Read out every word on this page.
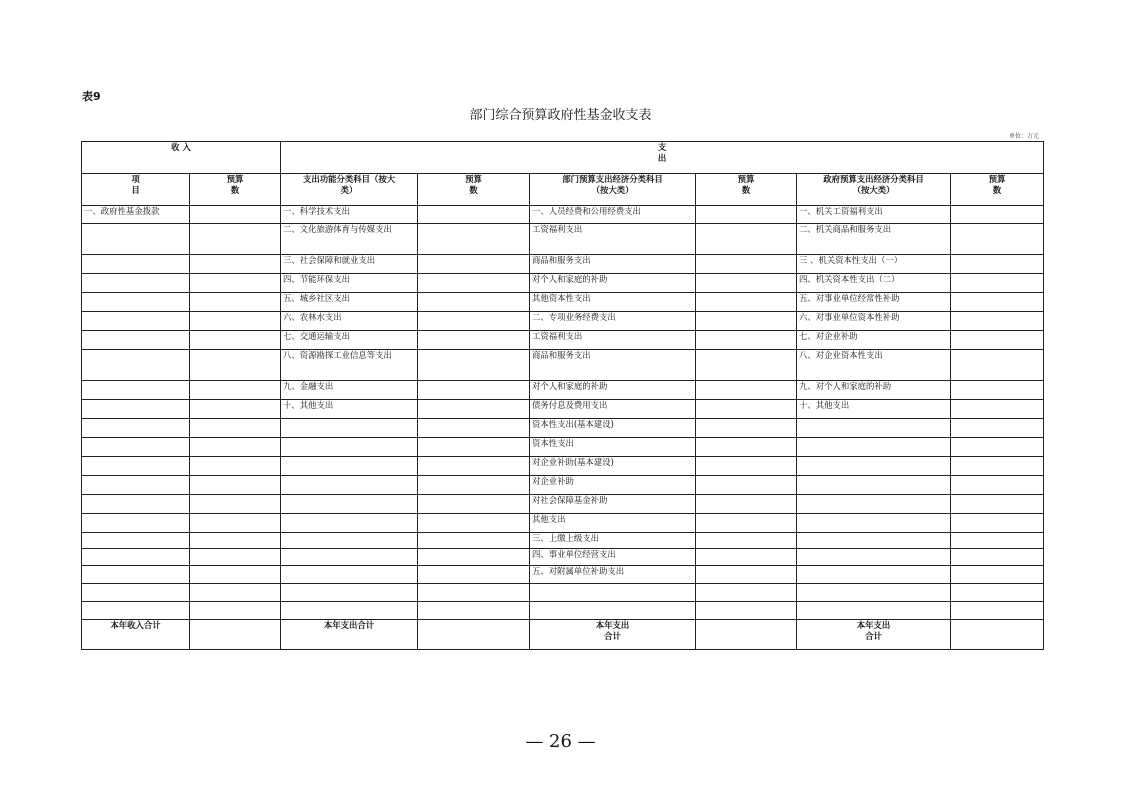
表9
部门综合预算政府性基金收支表
单位：万元
收 入		支
出					
项
目	预算
数	支出功能分类科目（按大
类）	预算
数	部门预算支出经济分类科目
（按大类）	预算
数	政府预算支出经济分类科目
（按大类）	预算
数
一、政府性基金拨款		一、科学技术支出		一、人员经费和公用经费支出		一、机关工资福利支出	
		二、文化旅游体育与传媒支出		工资福利支出		二、机关商品和服务支出	
		三、社会保障和就业支出		商品和服务支出		三 、机关资本性支出（一）	
		四、节能环保支出		对个人和家庭的补助		四、机关资本性支出（二）	
		五、城乡社区支出		其他资本性支出		五、对事业单位经常性补助	
		六、农林水支出		二、专项业务经费支出		六、对事业单位资本性补助	
		七、交通运输支出		工资福利支出		七、对企业补助	
		八、资源勘探工业信息等支出		商品和服务支出		八、对企业资本性支出	
		九、金融支出		对个人和家庭的补助		九、对个人和家庭的补助	
		十、其他支出		债务付息及费用支出		十、其他支出	
				资本性支出(基本建设)			
				资本性支出			
				对企业补助(基本建设)			
				对企业补助			
				对社会保障基金补助			
				其他支出			
				三、上缴上级支出			
				四、事业单位经营支出			
				五、对附属单位补助支出			

本年收入合计		本年支出合计		本年支出
合计		本年支出
合计	
— 26 —
